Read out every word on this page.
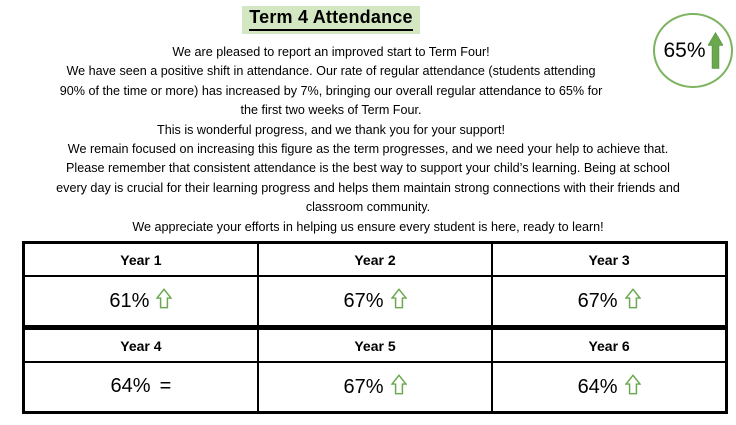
Term 4 Attendance
65%
We are pleased to report an improved start to Term Four!
We have seen a positive shift in attendance. Our rate of regular attendance (students attending
90% of the time or more) has increased by 7%, bringing our overall regular attendance to 65% for
the first two weeks of Term Four.
This is wonderful progress, and we thank you for your support!
We remain focused on increasing this figure as the term progresses, and we need your help to achieve that.
Please remember that consistent attendance is the best way to support your child’s learning. Being at school
every day is crucial for their learning progress and helps them maintain strong connections with their friends and
classroom community.
We appreciate your efforts in helping us ensure every student is here, ready to learn!
Year 1	Year 2	Year 3
61%	67%	67%
Year 4	Year 5	Year 6
64% =	67%	64%
